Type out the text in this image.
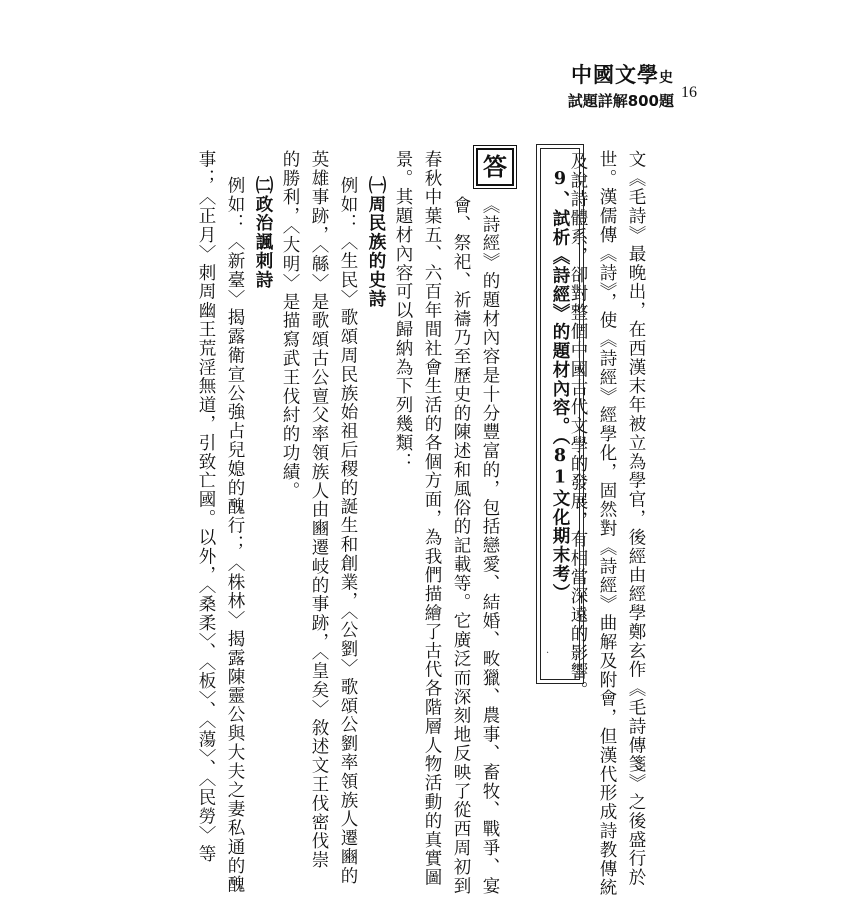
中國文學史
試題詳解800題 16
文《毛詩》最晚出，在西漢末年被立為學官，後經由經學鄭玄作《毛詩傳箋》之後盛行於
世。漢儒傳《詩》，使《詩經》經學化，固然對《詩經》曲解及附會，但漢代形成詩教傳統
及說詩體系，卻對整個中國古代文學的發展，有相當深遠的影響。
9、試析《詩經》的題材內容。（81文化期末考）
答
《詩經》的題材內容是十分豐富的，包括戀愛、結婚、畋獵、農事、畜牧、戰爭、宴
會、祭祀、祈禱乃至歷史的陳述和風俗的記載等。它廣泛而深刻地反映了從西周初到
春秋中葉五、六百年間社會生活的各個方面，為我們描繪了古代各階層人物活動的真實圖
景。其題材內容可以歸納為下列幾類：
㈠周民族的史詩
例如：〈生民〉歌頌周民族始祖后稷的誕生和創業，〈公劉〉歌頌公劉率領族人遷豳的
英雄事跡，〈緜〉是歌頌古公亶父率領族人由豳遷岐的事跡，〈皇矣〉敘述文王伐密伐崇
的勝利，〈大明〉是描寫武王伐紂的功績。
㈡政治諷刺詩
例如：〈新臺〉揭露衛宣公強占兒媳的醜行；〈株林〉揭露陳靈公與大夫之妻私通的醜
事；〈正月〉刺周幽王荒淫無道，引致亡國。以外，〈桑柔〉、〈板〉、〈蕩〉、〈民勞〉等	·
